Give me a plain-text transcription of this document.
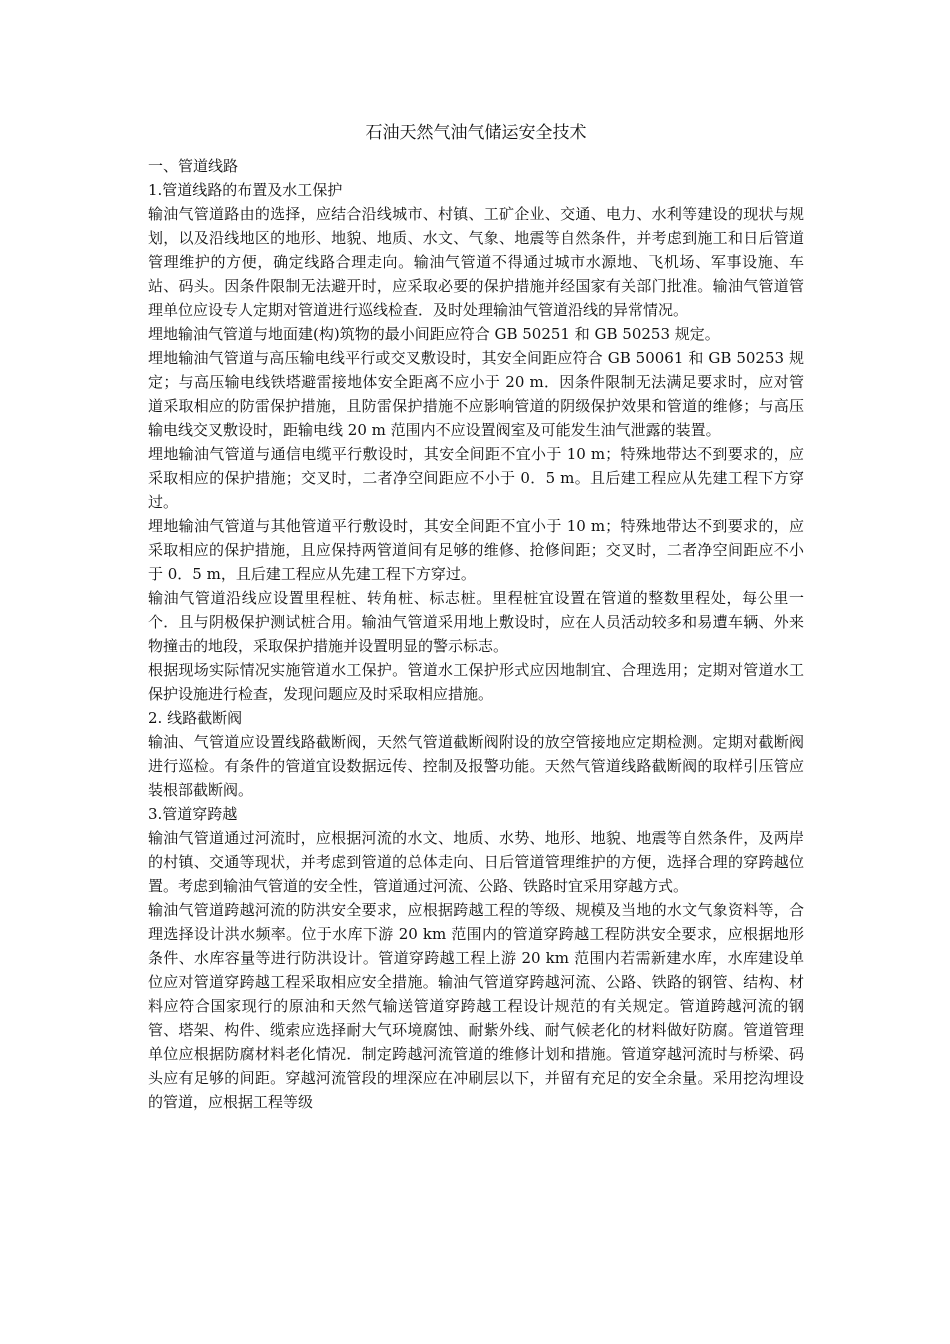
石油天然气油气储运安全技术

一、管道线路

1.管道线路的布置及水工保护

输油气管道路由的选择，应结合沿线城市、村镇、工矿企业、交通、电力、水利等建设的现状与规划，以及沿线地区的地形、地貌、地质、水文、气象、地震等自然条件，并考虑到施工和日后管道管理维护的方便，确定线路合理走向。输油气管道不得通过城市水源地、飞机场、军事设施、车站、码头。因条件限制无法避开时，应采取必要的保护措施并经国家有关部门批准。输油气管道管理单位应设专人定期对管道进行巡线检查．及时处理输油气管道沿线的异常情况。

埋地输油气管道与地面建(构)筑物的最小间距应符合 GB 50251 和 GB 50253 规定。

埋地输油气管道与高压输电线平行或交叉敷设时，其安全间距应符合 GB 50061 和 GB 50253 规定；与高压输电线铁塔避雷接地体安全距离不应小于 20 m．因条件限制无法满足要求时，应对管道采取相应的防雷保护措施，且防雷保护措施不应影响管道的阴级保护效果和管道的维修；与高压输电线交叉敷设时，距输电线 20 m 范围内不应设置阀室及可能发生油气泄露的装置。

埋地输油气管道与通信电缆平行敷设时，其安全间距不宜小于 10 m；特殊地带达不到要求的，应采取相应的保护措施；交叉时，二者净空间距应不小于 0．5 m。且后建工程应从先建工程下方穿过。

埋地输油气管道与其他管道平行敷设时，其安全间距不宜小于 10 m；特殊地带达不到要求的，应采取相应的保护措施，且应保持两管道间有足够的维修、抢修间距；交叉时，二者净空间距应不小于 0．5 m，且后建工程应从先建工程下方穿过。

输油气管道沿线应设置里程桩、转角桩、标志桩。里程桩宜设置在管道的整数里程处，每公里一个．且与阴极保护测试桩合用。输油气管道采用地上敷设时，应在人员活动较多和易遭车辆、外来物撞击的地段，采取保护措施并设置明显的警示标志。

根据现场实际情况实施管道水工保护。管道水工保护形式应因地制宜、合理选用；定期对管道水工保护设施进行检查，发现问题应及时采取相应措施。

2. 线路截断阀

输油、气管道应设置线路截断阀，天然气管道截断阀附设的放空管接地应定期检测。定期对截断阀进行巡检。有条件的管道宜设数据远传、控制及报警功能。天然气管道线路截断阀的取样引压管应装根部截断阀。

3.管道穿跨越

输油气管道通过河流时，应根据河流的水文、地质、水势、地形、地貌、地震等自然条件，及两岸的村镇、交通等现状，并考虑到管道的总体走向、日后管道管理维护的方便，选择合理的穿跨越位置。考虑到输油气管道的安全性，管道通过河流、公路、铁路时宜采用穿越方式。

输油气管道跨越河流的防洪安全要求，应根据跨越工程的等级、规模及当地的水文气象资料等，合理选择设计洪水频率。位于水库下游 20 km 范围内的管道穿跨越工程防洪安全要求，应根据地形条件、水库容量等进行防洪设计。管道穿跨越工程上游 20 km 范围内若需新建水库，水库建设单位应对管道穿跨越工程采取相应安全措施。输油气管道穿跨越河流、公路、铁路的钢管、结构、材料应符合国家现行的原油和天然气输送管道穿跨越工程设计规范的有关规定。管道跨越河流的钢管、塔架、构件、缆索应选择耐大气环境腐蚀、耐紫外线、耐气候老化的材料做好防腐。管道管理单位应根据防腐材料老化情况．制定跨越河流管道的维修计划和措施。管道穿越河流时与桥梁、码头应有足够的间距。穿越河流管段的埋深应在冲刷层以下，并留有充足的安全余量。采用挖沟埋设的管道，应根据工程等级
